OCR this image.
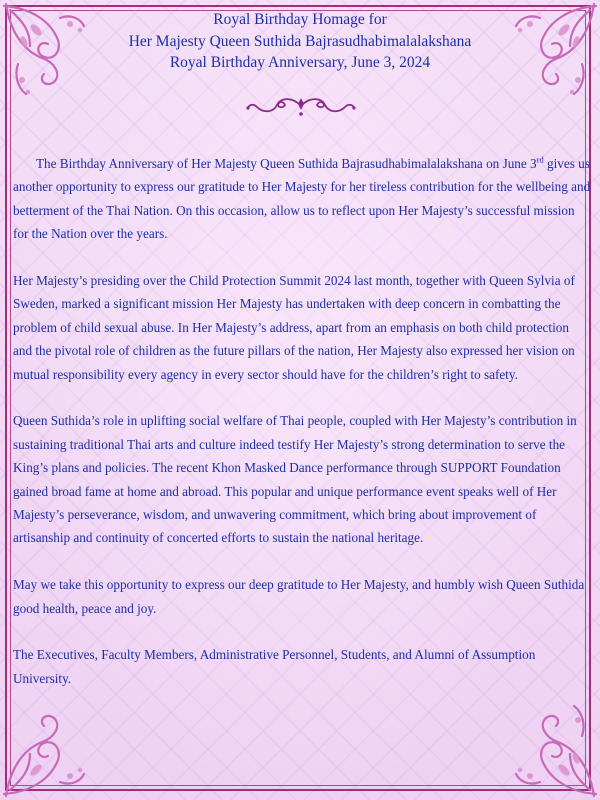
Royal Birthday Homage for
Her Majesty Queen Suthida Bajrasudhabimalalakshana
Royal Birthday Anniversary, June 3, 2024

The Birthday Anniversary of Her Majesty Queen Suthida Bajrasudhabimalalakshana on June 3rd gives us another opportunity to express our gratitude to Her Majesty for her tireless contribution for the wellbeing and betterment of the Thai Nation. On this occasion, allow us to reflect upon Her Majesty’s successful mission for the Nation over the years.

Her Majesty’s presiding over the Child Protection Summit 2024 last month, together with Queen Sylvia of Sweden, marked a significant mission Her Majesty has undertaken with deep concern in combatting the problem of child sexual abuse. In Her Majesty’s address, apart from an emphasis on both child protection and the pivotal role of children as the future pillars of the nation, Her Majesty also expressed her vision on mutual responsibility every agency in every sector should have for the children’s right to safety.

Queen Suthida’s role in uplifting social welfare of Thai people, coupled with Her Majesty’s contribution in sustaining traditional Thai arts and culture indeed testify Her Majesty’s strong determination to serve the King’s plans and policies. The recent Khon Masked Dance performance through SUPPORT Foundation gained broad fame at home and abroad. This popular and unique performance event speaks well of Her Majesty’s perseverance, wisdom, and unwavering commitment, which bring about improvement of artisanship and continuity of concerted efforts to sustain the national heritage.

May we take this opportunity to express our deep gratitude to Her Majesty, and humbly wish Queen Suthida good health, peace and joy.

The Executives, Faculty Members, Administrative Personnel, Students, and Alumni of Assumption University.
